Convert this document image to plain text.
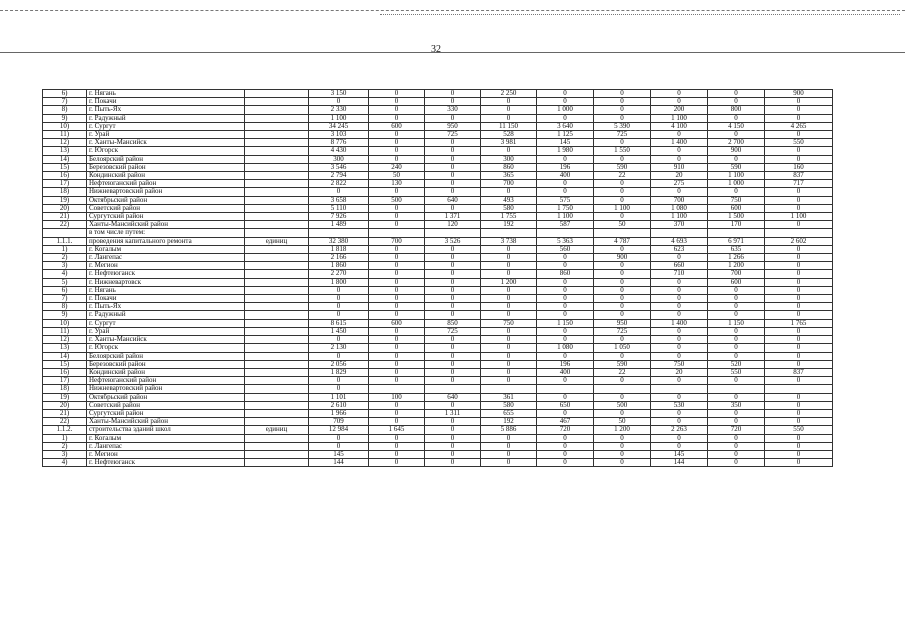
32
6)	г. Нягань		3 150	0	0	2 250	0	0	0	0	900
7)	г. Покачи		0	0	0	0	0	0	0	0	0
8)	г. Пыть-Ях		2 330	0	330	0	1 000	0	200	800	0
9)	г. Радужный		1 100	0	0	0	0	0	1 100	0	0
10)	г. Сургут		34 245	600	950	11 150	3 640	5 390	4 100	4 150	4 265
11)	г. Урай		3 103	0	725	528	1 125	725	0	0	0
12)	г. Ханты-Мансийск		8 776	0	0	3 981	145	0	1 400	2 700	550
13)	г. Югорск		4 430	0	0	0	1 980	1 550	0	900	0
14)	Белоярский район		300	0	0	300	0	0	0	0	0
15)	Березовский район		3 546	240	0	860	196	590	910	590	160
16)	Кондинский район		2 794	50	0	365	400	22	20	1 100	837
17)	Нефтеюганский район		2 822	130	0	700	0	0	275	1 000	717
18)	Нижневартовский район		0	0	0	0	0	0	0	0	0
19)	Октябрьский район		3 658	500	640	493	575	0	700	750	0
20)	Советский район		5 110	0	0	580	1 750	1 100	1 080	600	0
21)	Сургутский район		7 926	0	1 371	1 755	1 100	0	1 100	1 500	1 100
22)	Ханты-Мансийский район		1 489	0	120	192	587	50	370	170	0
	в том числе путем:										
1.1.1.	проведения капитального ремонта	единиц	32 380	700	3 526	3 738	5 363	4 787	4 693	6 971	2 602
1)	г. Когалым		1 818	0	0	0	560	0	623	635	0
2)	г. Лангепас		2 166	0	0	0	0	900	0	1 266	0
3)	г. Мегион		1 860	0	0	0	0	0	660	1 200	0
4)	г. Нефтеюганск		2 270	0	0	0	860	0	710	700	0
5)	г. Нижневартовск		1 800	0	0	1 200	0	0	0	600	0
6)	г. Нягань		0	0	0	0	0	0	0	0	0
7)	г. Покачи		0	0	0	0	0	0	0	0	0
8)	г. Пыть-Ях		0	0	0	0	0	0	0	0	0
9)	г. Радужный		0	0	0	0	0	0	0	0	0
10)	г. Сургут		8 615	600	850	750	1 150	950	1 400	1 150	1 765
11)	г. Урай		1 450	0	725	0	0	725	0	0	0
12)	г. Ханты-Мансийск		0	0	0	0	0	0	0	0	0
13)	г. Югорск		2 130	0	0	0	1 080	1 050	0	0	0
14)	Белоярский район		0	0	0	0	0	0	0	0	0
15)	Березовский район		2 056	0	0	0	196	590	750	520	0
16)	Кондинский район		1 829	0	0	0	400	22	20	550	837
17)	Нефтеюганский район		0	0	0	0	0	0	0	0	0
18)	Нижневартовский район		0								
19)	Октябрьский район		1 101	100	640	361	0	0	0	0	0
20)	Советский район		2 610	0	0	580	650	500	530	350	0
21)	Сургутский район		1 966	0	1 311	655	0	0	0	0	0
22)	Ханты-Мансийский район		709	0	0	192	467	50	0	0	0
1.1.2.	строительства зданий школ	единиц	12 984	1 645	0	5 886	720	1 200	2 263	720	550
1)	г. Когалым		0	0	0	0	0	0	0	0	0
2)	г. Лангепас		0	0	0	0	0	0	0	0	0
3)	г. Мегион		145	0	0	0	0	0	145	0	0
4)	г. Нефтеюганск		144	0	0	0	0	0	144	0	0
